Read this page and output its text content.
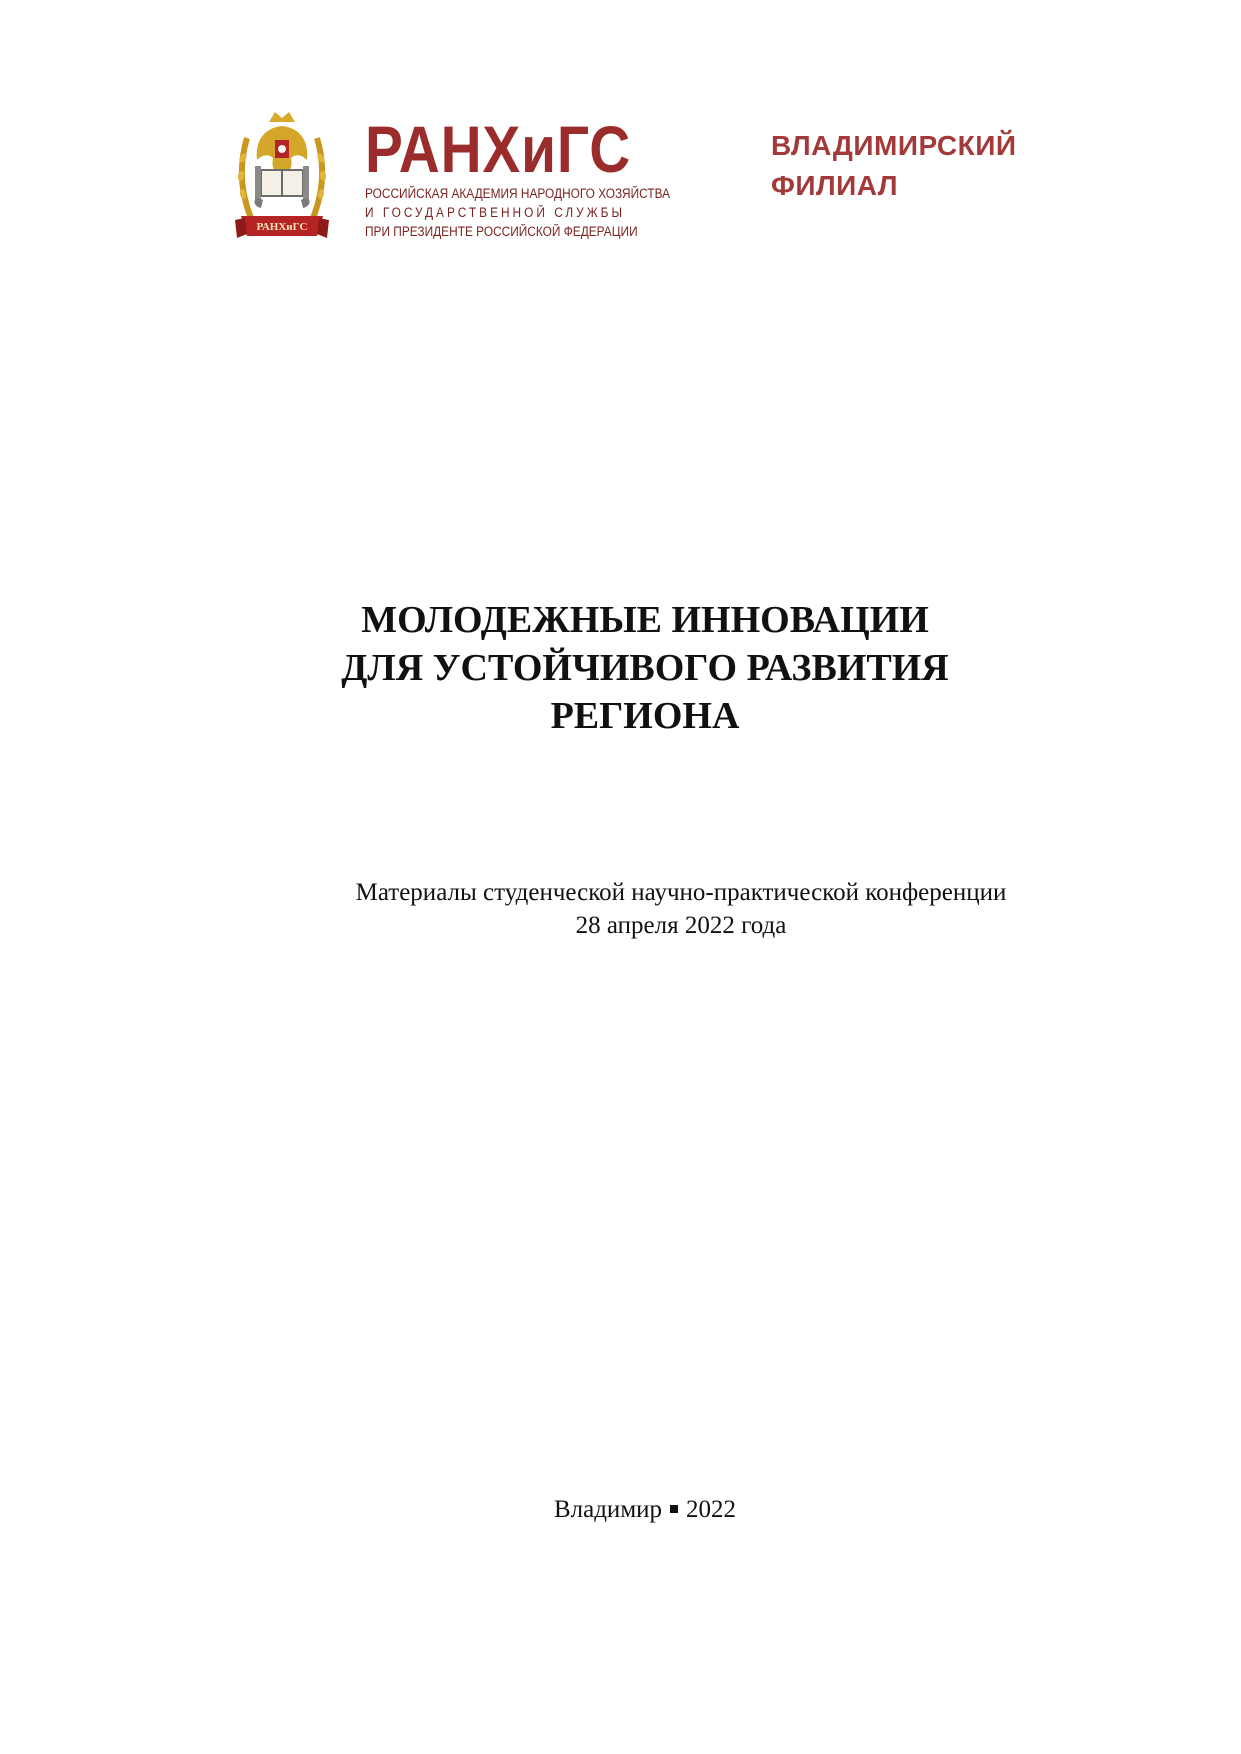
РАНХиГС
РАНХиГС
РОССИЙСКАЯ АКАДЕМИЯ НАРОДНОГО ХОЗЯЙСТВА
И ГОСУДАРСТВЕННОЙ СЛУЖБЫ
ПРИ ПРЕЗИДЕНТЕ РОССИЙСКОЙ ФЕДЕРАЦИИ
ВЛАДИМИРСКИЙ
ФИЛИАЛ
МОЛОДЕЖНЫЕ ИННОВАЦИИ
ДЛЯ УСТОЙЧИВОГО РАЗВИТИЯ
РЕГИОНА
Материалы студенческой научно-практической конференции
28 апреля 2022 года
Владимир 2022
